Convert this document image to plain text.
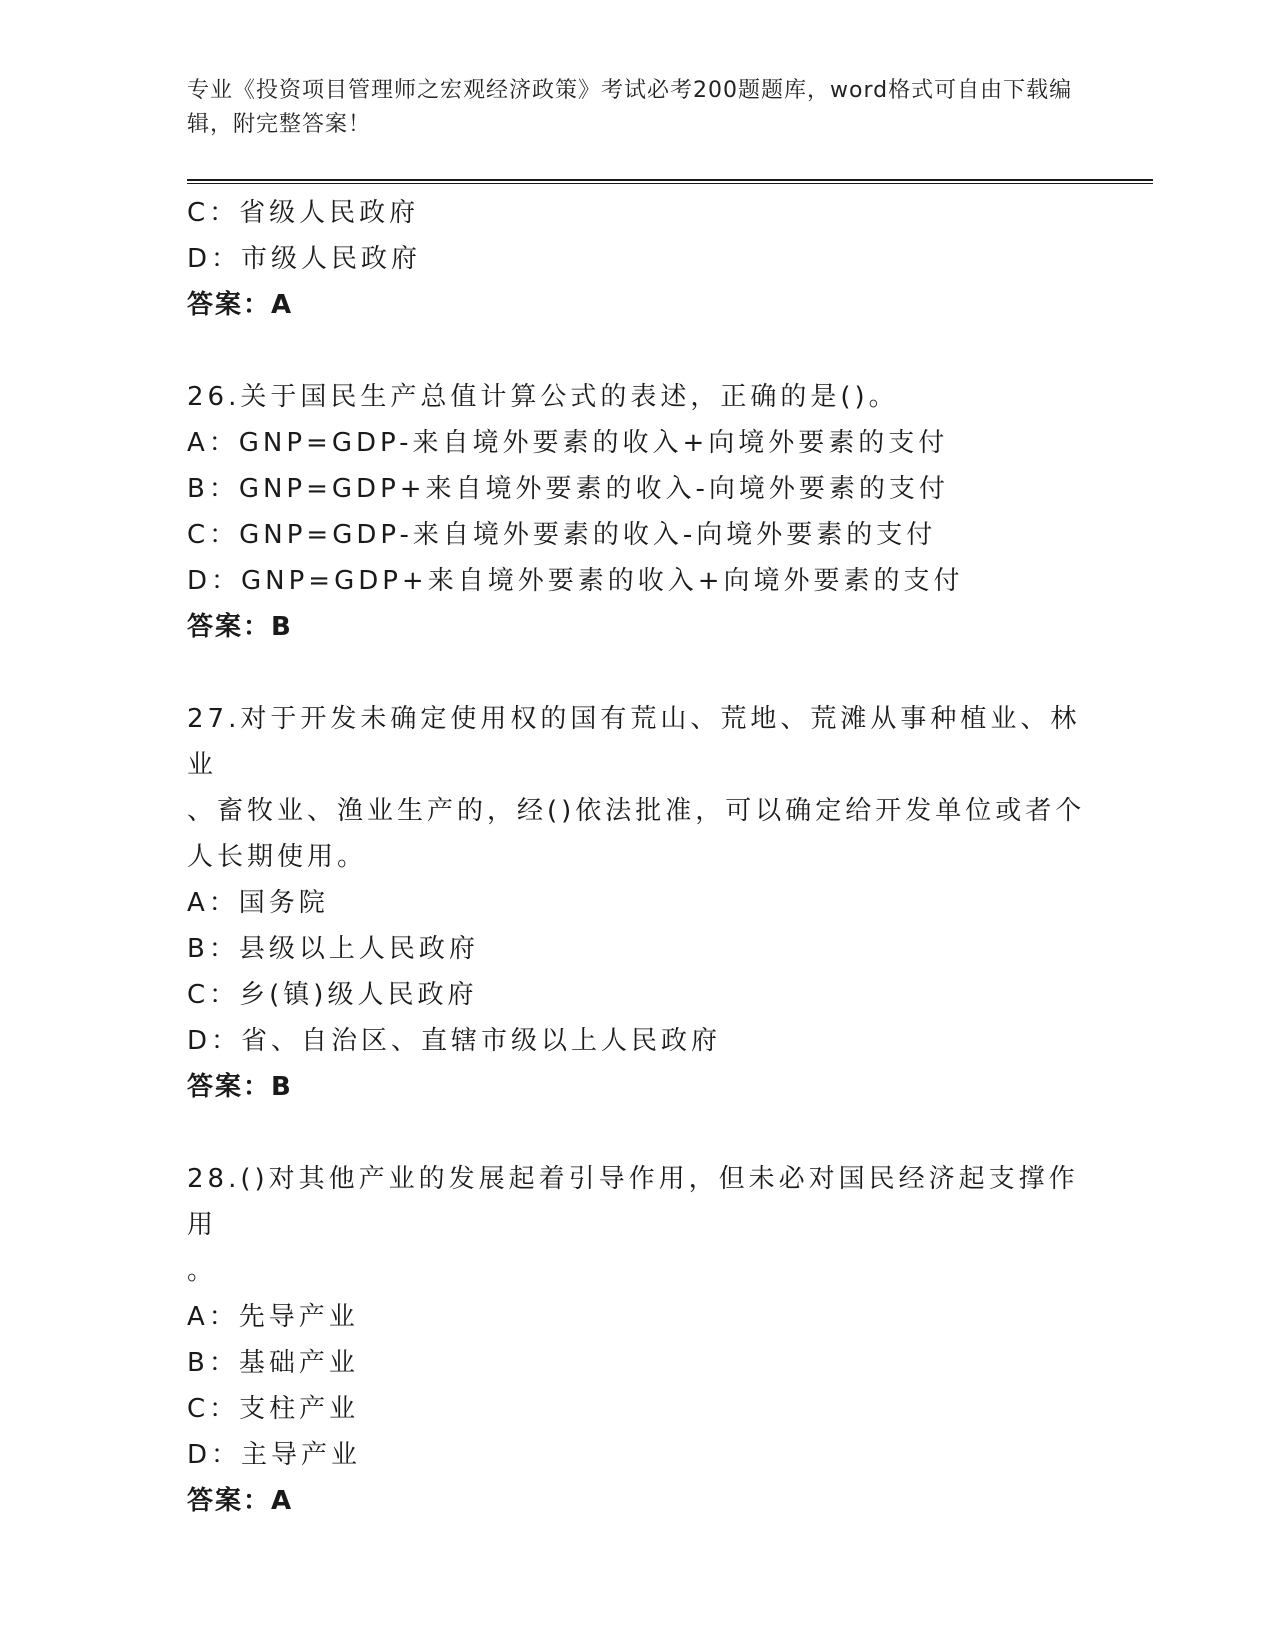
专业《投资项目管理师之宏观经济政策》考试必考200题题库，word格式可自由下载编辑，附完整答案！
C：省级人民政府
D：市级人民政府
答案：A
26.关于国民生产总值计算公式的表述，正确的是()。
A：GNP=GDP-来自境外要素的收入+向境外要素的支付
B：GNP=GDP+来自境外要素的收入-向境外要素的支付
C：GNP=GDP-来自境外要素的收入-向境外要素的支付
D：GNP=GDP+来自境外要素的收入+向境外要素的支付
答案：B
27.对于开发未确定使用权的国有荒山、荒地、荒滩从事种植业、林业
、畜牧业、渔业生产的，经()依法批准，可以确定给开发单位或者个
人长期使用。
A：国务院
B：县级以上人民政府
C：乡(镇)级人民政府
D：省、自治区、直辖市级以上人民政府
答案：B
28.()对其他产业的发展起着引导作用，但未必对国民经济起支撑作用
。
A：先导产业
B：基础产业
C：支柱产业
D：主导产业
答案：A
